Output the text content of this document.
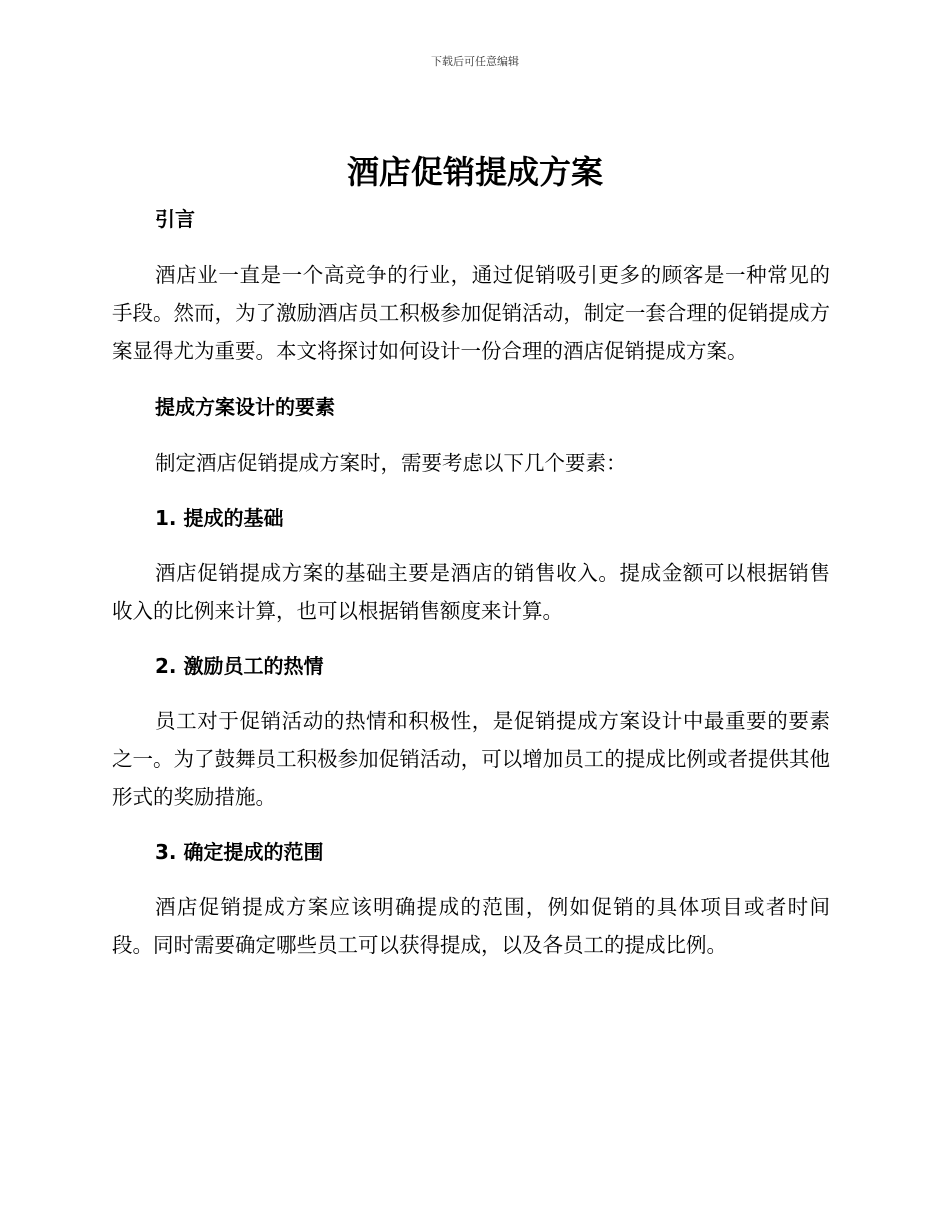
下载后可任意编辑
酒店促销提成方案
引言

酒店业一直是一个高竞争的行业，通过促销吸引更多的顾客是一种常见的手段。然而，为了激励酒店员工积极参加促销活动，制定一套合理的促销提成方案显得尤为重要。本文将探讨如何设计一份合理的酒店促销提成方案。

提成方案设计的要素

制定酒店促销提成方案时，需要考虑以下几个要素：

1. 提成的基础

酒店促销提成方案的基础主要是酒店的销售收入。提成金额可以根据销售收入的比例来计算，也可以根据销售额度来计算。

2. 激励员工的热情

员工对于促销活动的热情和积极性，是促销提成方案设计中最重要的要素之一。为了鼓舞员工积极参加促销活动，可以增加员工的提成比例或者提供其他形式的奖励措施。

3. 确定提成的范围

酒店促销提成方案应该明确提成的范围，例如促销的具体项目或者时间段。同时需要确定哪些员工可以获得提成，以及各员工的提成比例。
